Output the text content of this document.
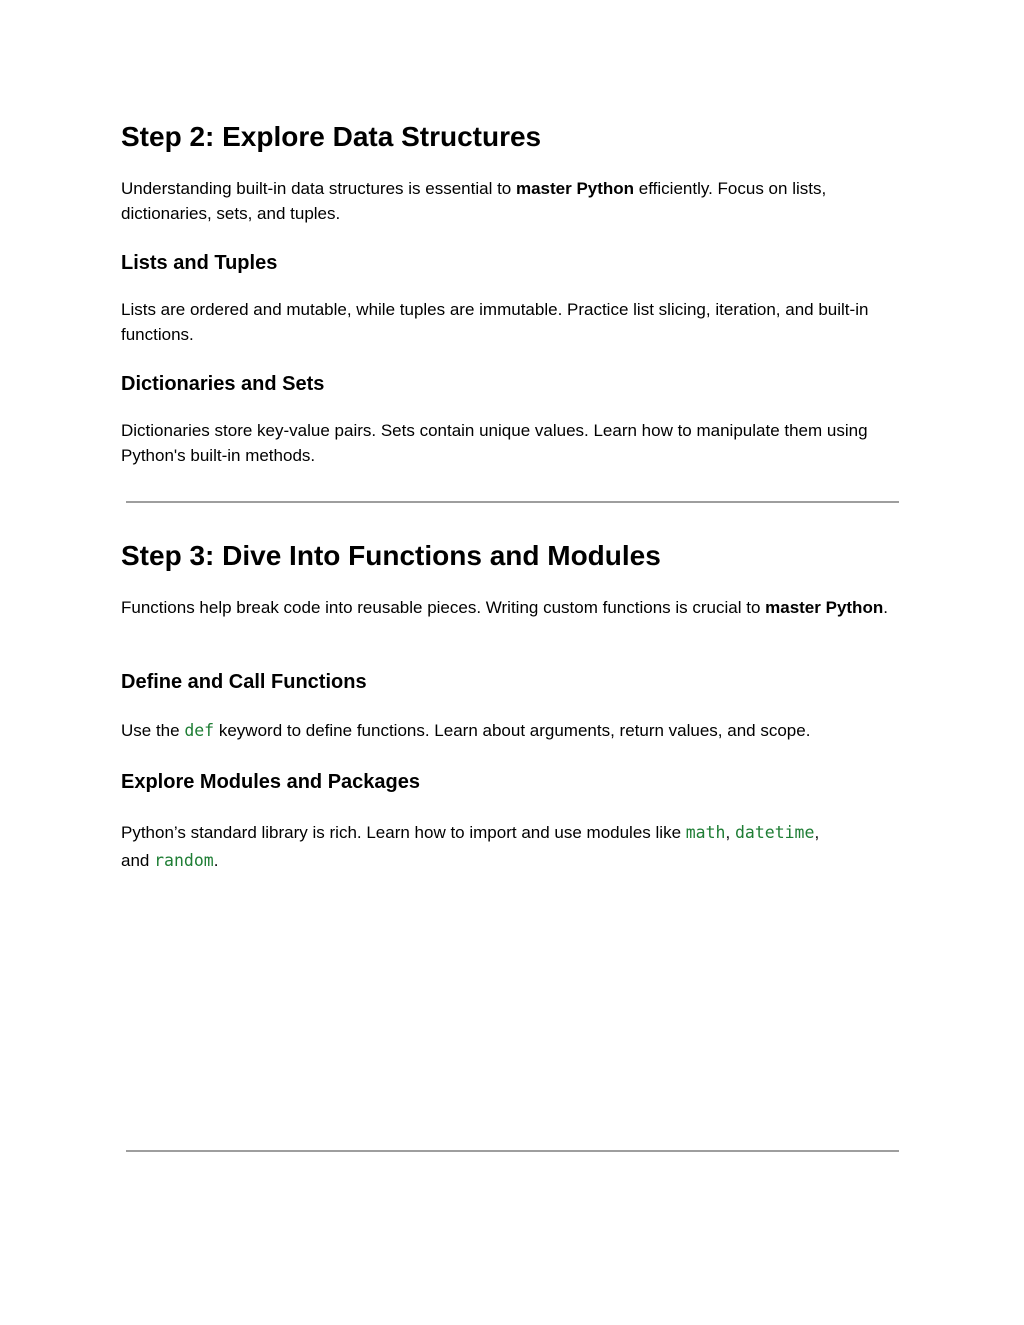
Step 2: Explore Data Structures

Understanding built-in data structures is essential to master Python efficiently. Focus on lists, dictionaries, sets, and tuples.

Lists and Tuples

Lists are ordered and mutable, while tuples are immutable. Practice list slicing, iteration, and built-in functions.

Dictionaries and Sets

Dictionaries store key-value pairs. Sets contain unique values. Learn how to manipulate them using Python's built-in methods.

Step 3: Dive Into Functions and Modules

Functions help break code into reusable pieces. Writing custom functions is crucial to master Python.

Define and Call Functions

Use the def keyword to define functions. Learn about arguments, return values, and scope.

Explore Modules and Packages

Python’s standard library is rich. Learn how to import and use modules like math, datetime,
and random.
